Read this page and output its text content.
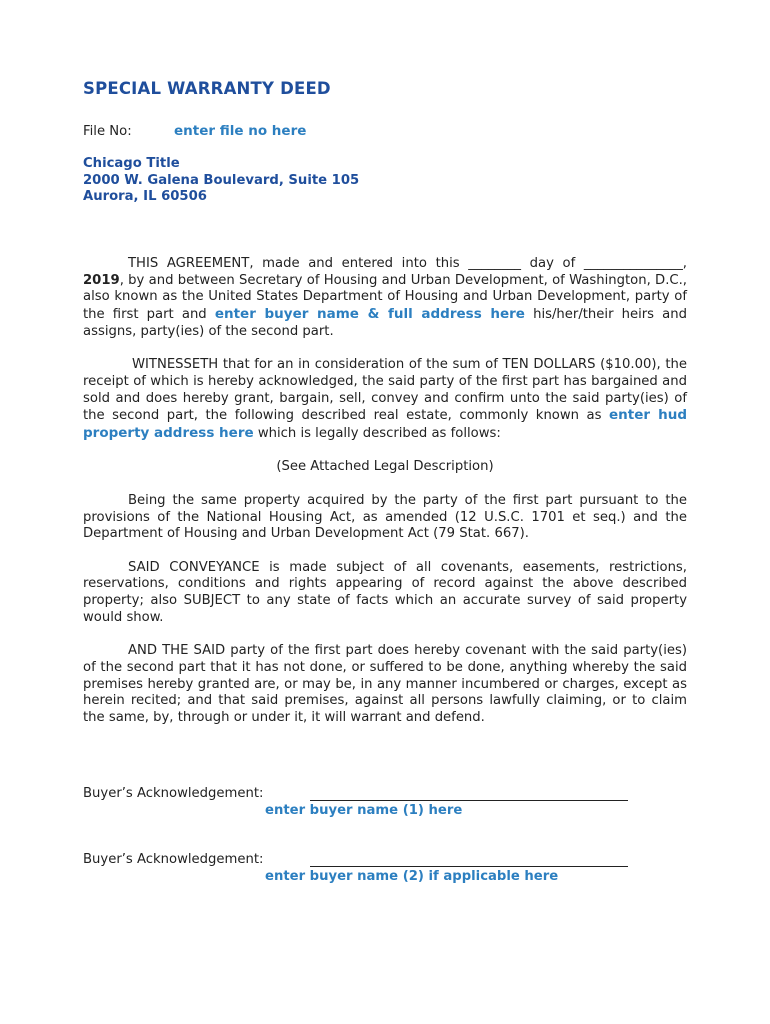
SPECIAL WARRANTY DEED
File No:	enter file no here
Chicago Title
2000 W. Galena Boulevard, Suite 105
Aurora, IL 60506

THIS AGREEMENT, made and entered into this ________ day of _______________, 2019, by and between Secretary of Housing and Urban Development, of Washington, D.C., also known as the United States Department of Housing and Urban Development, party of the first part and enter buyer name & full address here his/her/their heirs and assigns, party(ies) of the second part.

WITNESSETH that for an in consideration of the sum of TEN DOLLARS ($10.00), the receipt of which is hereby acknowledged, the said party of the first part has bargained and sold and does hereby grant, bargain, sell, convey and confirm unto the said party(ies) of the second part, the following described real estate, commonly known as enter hud property address here which is legally described as follows:

(See Attached Legal Description)

Being the same property acquired by the party of the first part pursuant to the provisions of the National Housing Act, as amended (12 U.S.C. 1701 et seq.) and the Department of Housing and Urban Development Act (79 Stat. 667).

SAID CONVEYANCE is made subject of all covenants, easements, restrictions, reservations, conditions and rights appearing of record against the above described property; also SUBJECT to any state of facts which an accurate survey of said property would show.

AND THE SAID party of the first part does hereby covenant with the said party(ies) of the second part that it has not done, or suffered to be done, anything whereby the said premises hereby granted are, or may be, in any manner incumbered or charges, except as herein recited; and that said premises, against all persons lawfully claiming, or to claim the same, by, through or under it, it will warrant and defend.

Buyer’s Acknowledgement:
enter buyer name (1) here
Buyer’s Acknowledgement:
enter buyer name (2) if applicable here
